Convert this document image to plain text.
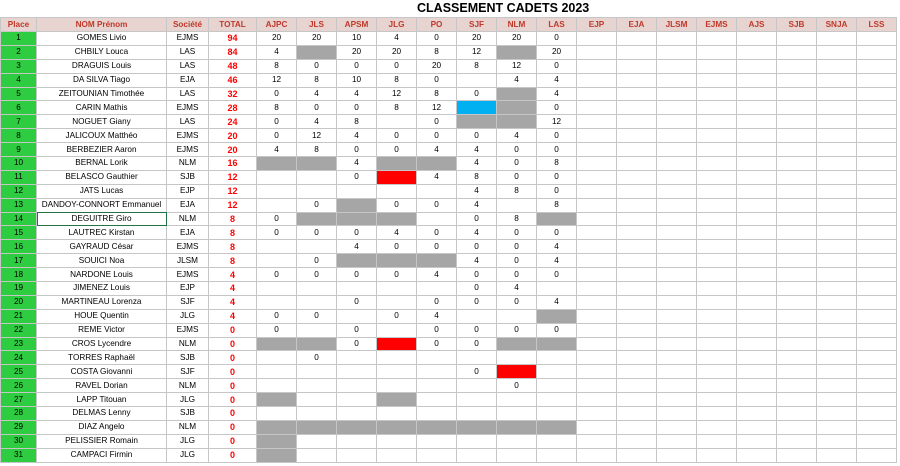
CLASSEMENT CADETS 2023
Place	NOM Prénom	Société	TOTAL	AJPC	JLS	APSM	JLG	PO	SJF	NLM	LAS	EJP	EJA	JLSM	EJMS	AJS	SJB	SNJA	LSS
1	GOMES Livio	EJMS	94	20	20	10	4	0	20	20	0								
2	CHBILY Louca	LAS	84	4		20	20	8	12		20								
3	DRAGUIS Louis	LAS	48	8	0	0	0	20	8	12	0								
4	DA SILVA Tiago	EJA	46	12	8	10	8	0		4	4								
5	ZEITOUNIAN Timothée	LAS	32	0	4	4	12	8	0		4								
6	CARIN Mathis	EJMS	28	8	0	0	8	12			0								
7	NOGUET Giany	LAS	24	0	4	8		0			12								
8	JALICOUX Matthéo	EJMS	20	0	12	4	0	0	0	4	0								
9	BERBEZIER Aaron	EJMS	20	4	8	0	0	4	4	0	0								
10	BERNAL Lorik	NLM	16			4			4	0	8								
11	BELASCO Gauthier	SJB	12			0		4	8	0	0								
12	JATS Lucas	EJP	12						4	8	0								
13	DANDOY-CONNORT Emmanuel	EJA	12		0		0	0	4		8								
14	DEGUITRE Giro	NLM	8	0					0	8									
15	LAUTREC Kirstan	EJA	8	0	0	0	4	0	4	0	0								
16	GAYRAUD César	EJMS	8			4	0	0	0	0	4								
17	SOUICI Noa	JLSM	8		0				4	0	4								
18	NARDONE Louis	EJMS	4	0	0	0	0	4	0	0	0								
19	JIMENEZ Louis	EJP	4						0	4									
20	MARTINEAU Lorenza	SJF	4			0		0	0	0	4								
21	HOUE Quentin	JLG	4	0	0		0	4											
22	REME Victor	EJMS	0	0		0		0	0	0	0								
23	CROS Lycendre	NLM	0			0		0	0										
24	TORRES Raphaël	SJB	0		0														
25	COSTA Giovanni	SJF	0						0										
26	RAVEL Dorian	NLM	0							0									
27	LAPP Titouan	JLG	0																
28	DELMAS Lenny	SJB	0																
29	DIAZ Angelo	NLM	0																
30	PELISSIER Romain	JLG	0																
31	CAMPACI Firmin	JLG	0																
